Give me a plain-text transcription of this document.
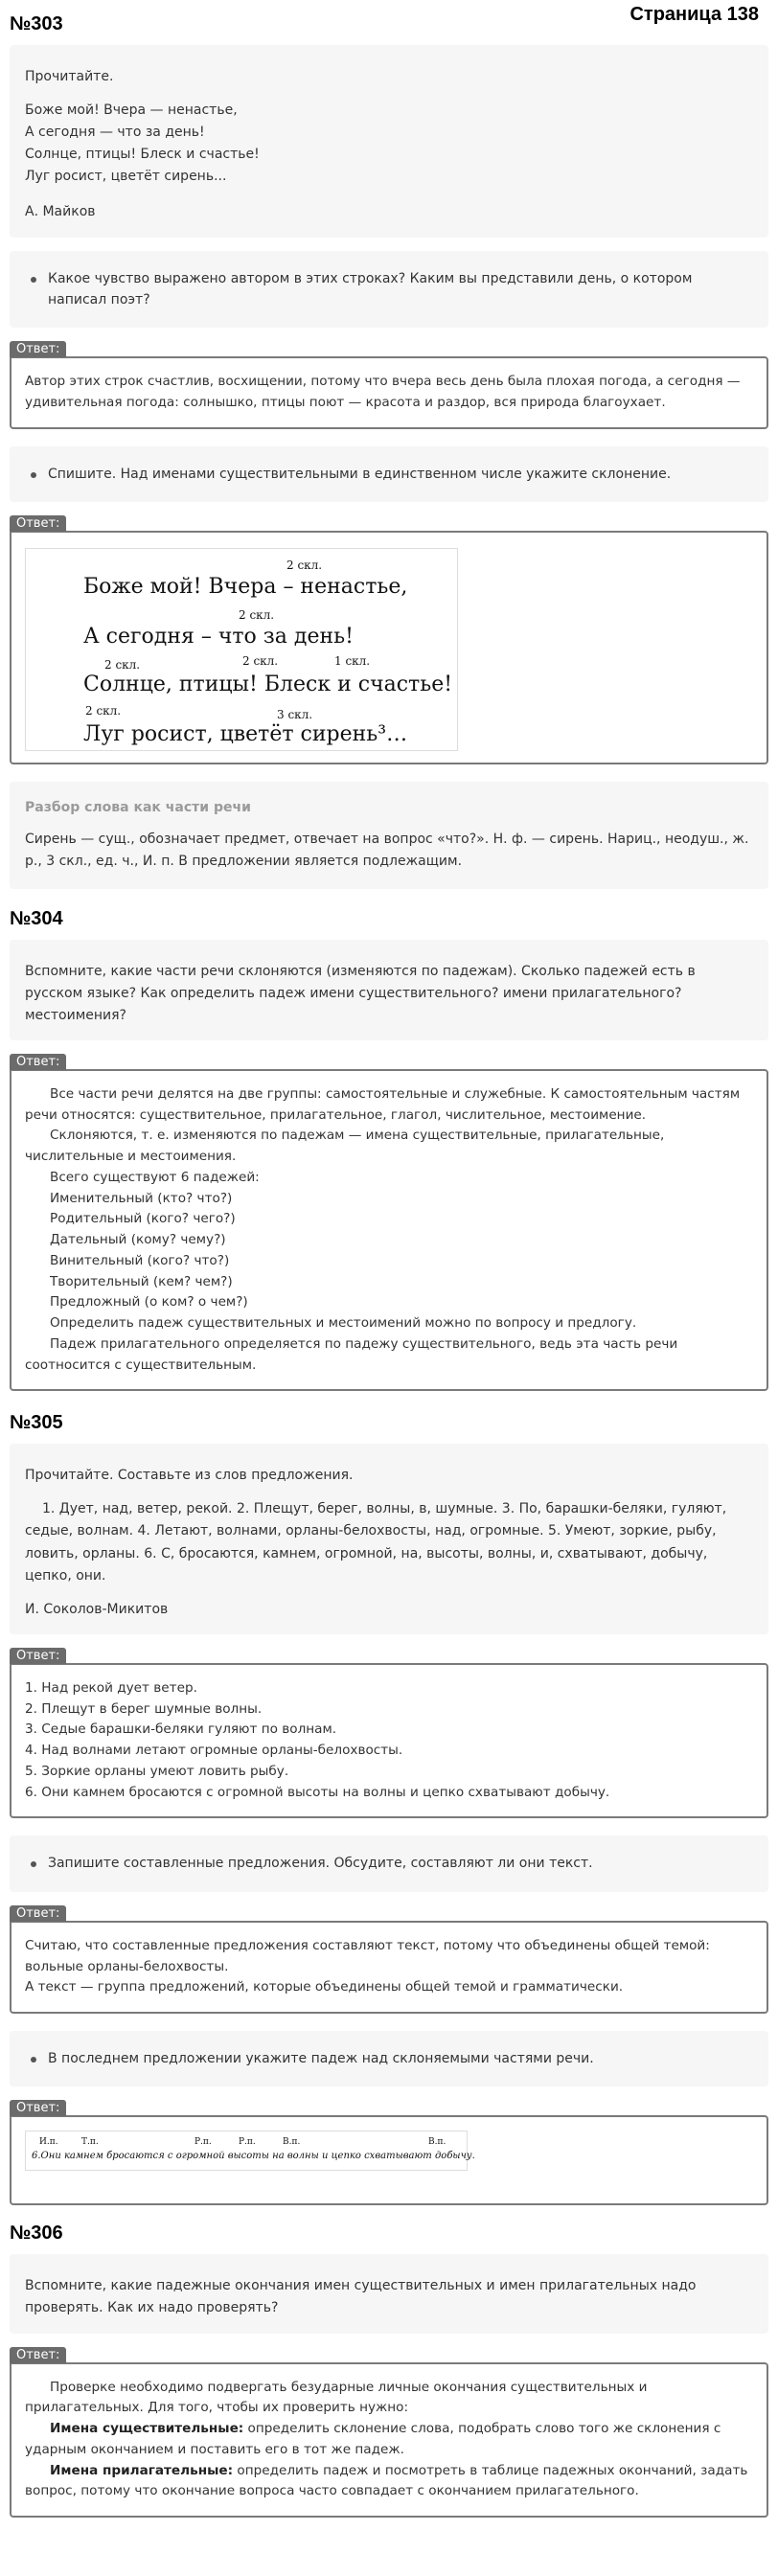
Страница 138
№303

Прочитайте.

Боже мой! Вчера — ненастье,
А сегодня — что за день!
Солнце, птицы! Блеск и счастье!
Луг росист, цветёт сирень...

А. Майков

Какое чувство выражено автором в этих строках? Каким вы представили день, о котором написал поэт?
Ответ:

Автор этих строк счастлив, восхищении, потому что вчера весь день была плохая погода, а сегодня — удивительная погода: солнышко, птицы поют — красота и раздор, вся природа благоухает.

Спишите. Над именами существительными в единственном числе укажите склонение.
Ответ:
2 скл.
Боже мой! Вчера – ненастье,
2 скл.
А сегодня – что за день!
2 скл.	2 скл.	1 скл.
Солнце, птицы! Блеск и счастье!
2 скл.	3 скл.
Луг росист, цветёт сирень³…
Разбор слова как части речи
Сирень — сущ., обозначает предмет, отвечает на вопрос «что?». Н. ф. — сирень. Нариц., неодуш., ж. р., 3 скл., ед. ч., И. п. В предложении является подлежащим.
№304

Вспомните, какие части речи склоняются (изменяются по падежам). Сколько падежей есть в русском языке? Как определить падеж имени существительного? имени прилагательного? местоимения?

Ответ:

Все части речи делятся на две группы: самостоятельные и служебные. К самостоятельным частям речи относятся: существительное, прилагательное, глагол, числительное, местоимение.

Склоняются, т. е. изменяются по падежам — имена существительные, прилагательные, числительные и местоимения.

Всего существуют 6 падежей:

Именительный (кто? что?)

Родительный (кого? чего?)

Дательный (кому? чему?)

Винительный (кого? что?)

Творительный (кем? чем?)

Предложный (о ком? о чем?)

Определить падеж существительных и местоимений можно по вопросу и предлогу.

Падеж прилагательного определяется по падежу существительного, ведь эта часть речи соотносится с существительным.

№305

Прочитайте. Составьте из слов предложения.

1. Дует, над, ветер, рекой. 2. Плещут, берег, волны, в, шумные. 3. По, барашки-беляки, гуляют, седые, волнам. 4. Летают, волнами, орланы-белохвосты, над, огромные. 5. Умеют, зоркие, рыбу, ловить, орланы. 6. С, бросаются, камнем, огромной, на, высоты, волны, и, схватывают, добычу, цепко, они.

И. Соколов-Микитов

Ответ:

1. Над рекой дует ветер.

2. Плещут в берег шумные волны.

3. Седые барашки-беляки гуляют по волнам.

4. Над волнами летают огромные орланы-белохвосты.

5. Зоркие орланы умеют ловить рыбу.

6. Они камнем бросаются с огромной высоты на волны и цепко схватывают добычу.

Запишите составленные предложения. Обсудите, составляют ли они текст.
Ответ:

Считаю, что составленные предложения составляют текст, потому что объединены общей темой: вольные орланы-белохвосты.

А текст — группа предложений, которые объединены общей темой и грамматически.

В последнем предложении укажите падеж над склоняемыми частями речи.
Ответ:
И.п.	Т.п.	Р.п.	Р.п.	В.п.	В.п.
6.Они камнем бросаются с огромной высоты на волны и цепко схватывают добычу.
№306

Вспомните, какие падежные окончания имен существительных и имен прилагательных надо проверять. Как их надо проверять?

Ответ:

Проверке необходимо подвергать безударные личные окончания существительных и прилагательных. Для того, чтобы их проверить нужно:

Имена существительные: определить склонение слова, подобрать слово того же склонения с ударным окончанием и поставить его в тот же падеж.

Имена прилагательные: определить падеж и посмотреть в таблице падежных окончаний, задать вопрос, потому что окончание вопроса часто совпадает с окончанием прилагательного.
